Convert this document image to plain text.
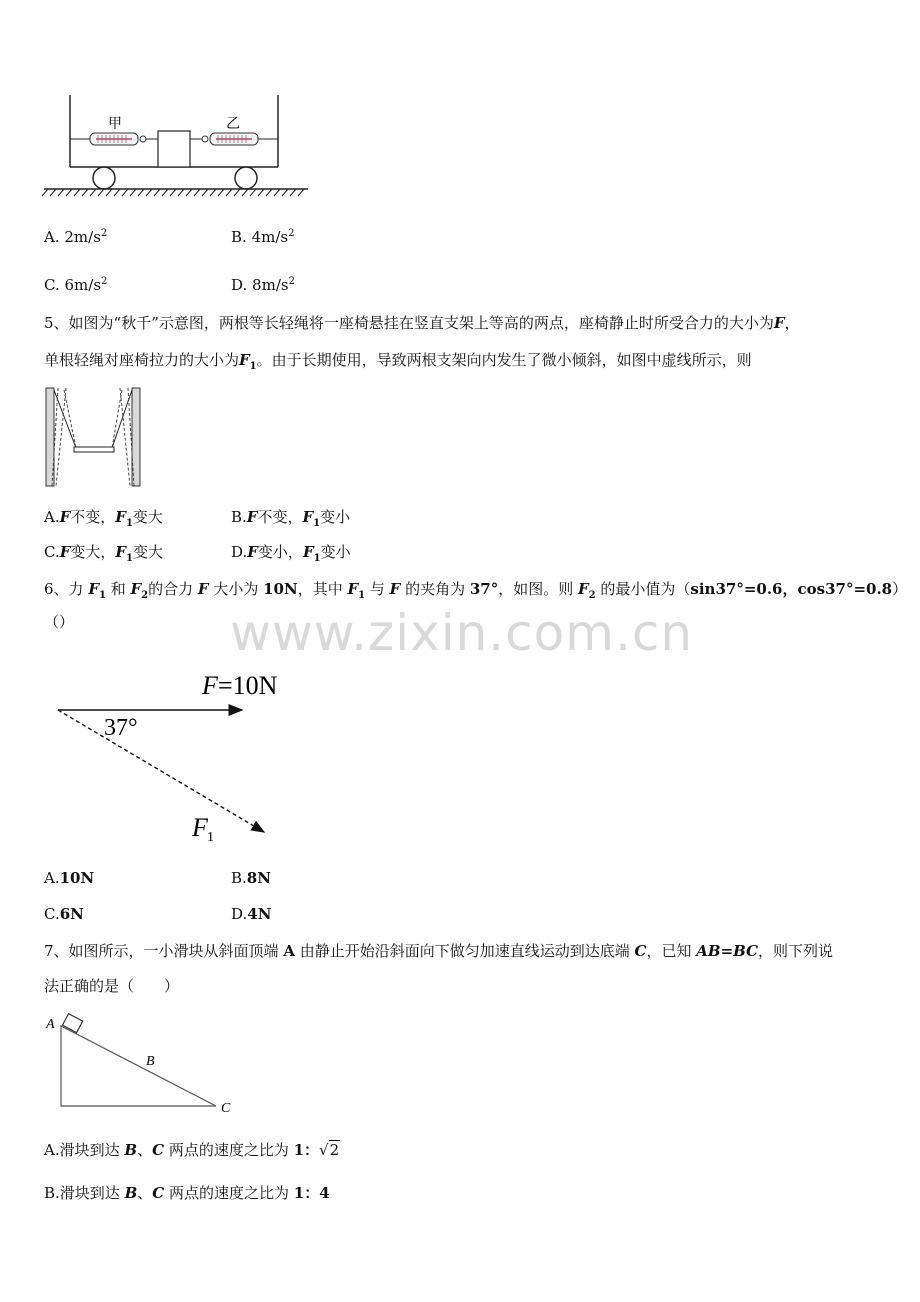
甲	乙
A. $2m/s^2$	B. $4m/s^2$
C. $6m/s^2$	D. $8m/s^2$
5、如图为“秋千”示意图，两根等长轻绳将一座椅悬挂在竖直支架上等高的两点，座椅静止时所受合力的大小为F，
单根轻绳对座椅拉力的大小为$F_1$。由于长期使用，导致两根支架向内发生了微小倾斜，如图中虚线所示，则
A.F不变，$F_1$变大	B.F不变，$F_1$变小
C.F变大，$F_1$变大	D.F变小，$F_1$变小
6、力 $F_1$ 和 $F_2$的合力 F 大小为 10N，其中 $F_1$ 与 F 的夹角为 37°，如图。则 $F_2$ 的最小值为（sin37°=0.6，cos37°=0.8）
（）	www.zixin.com.cn
F =10N
37°
F 1
A.10N	B.8N
C.6N	D.4N
7、如图所示，一小滑块从斜面顶端 A 由静止开始沿斜面向下做匀加速直线运动到达底端 C，已知 AB=BC，则下列说
法正确的是（　　）
A
B
C
A.滑块到达 B、C 两点的速度之比为 1：√2
B.滑块到达 B、C 两点的速度之比为 1：4
